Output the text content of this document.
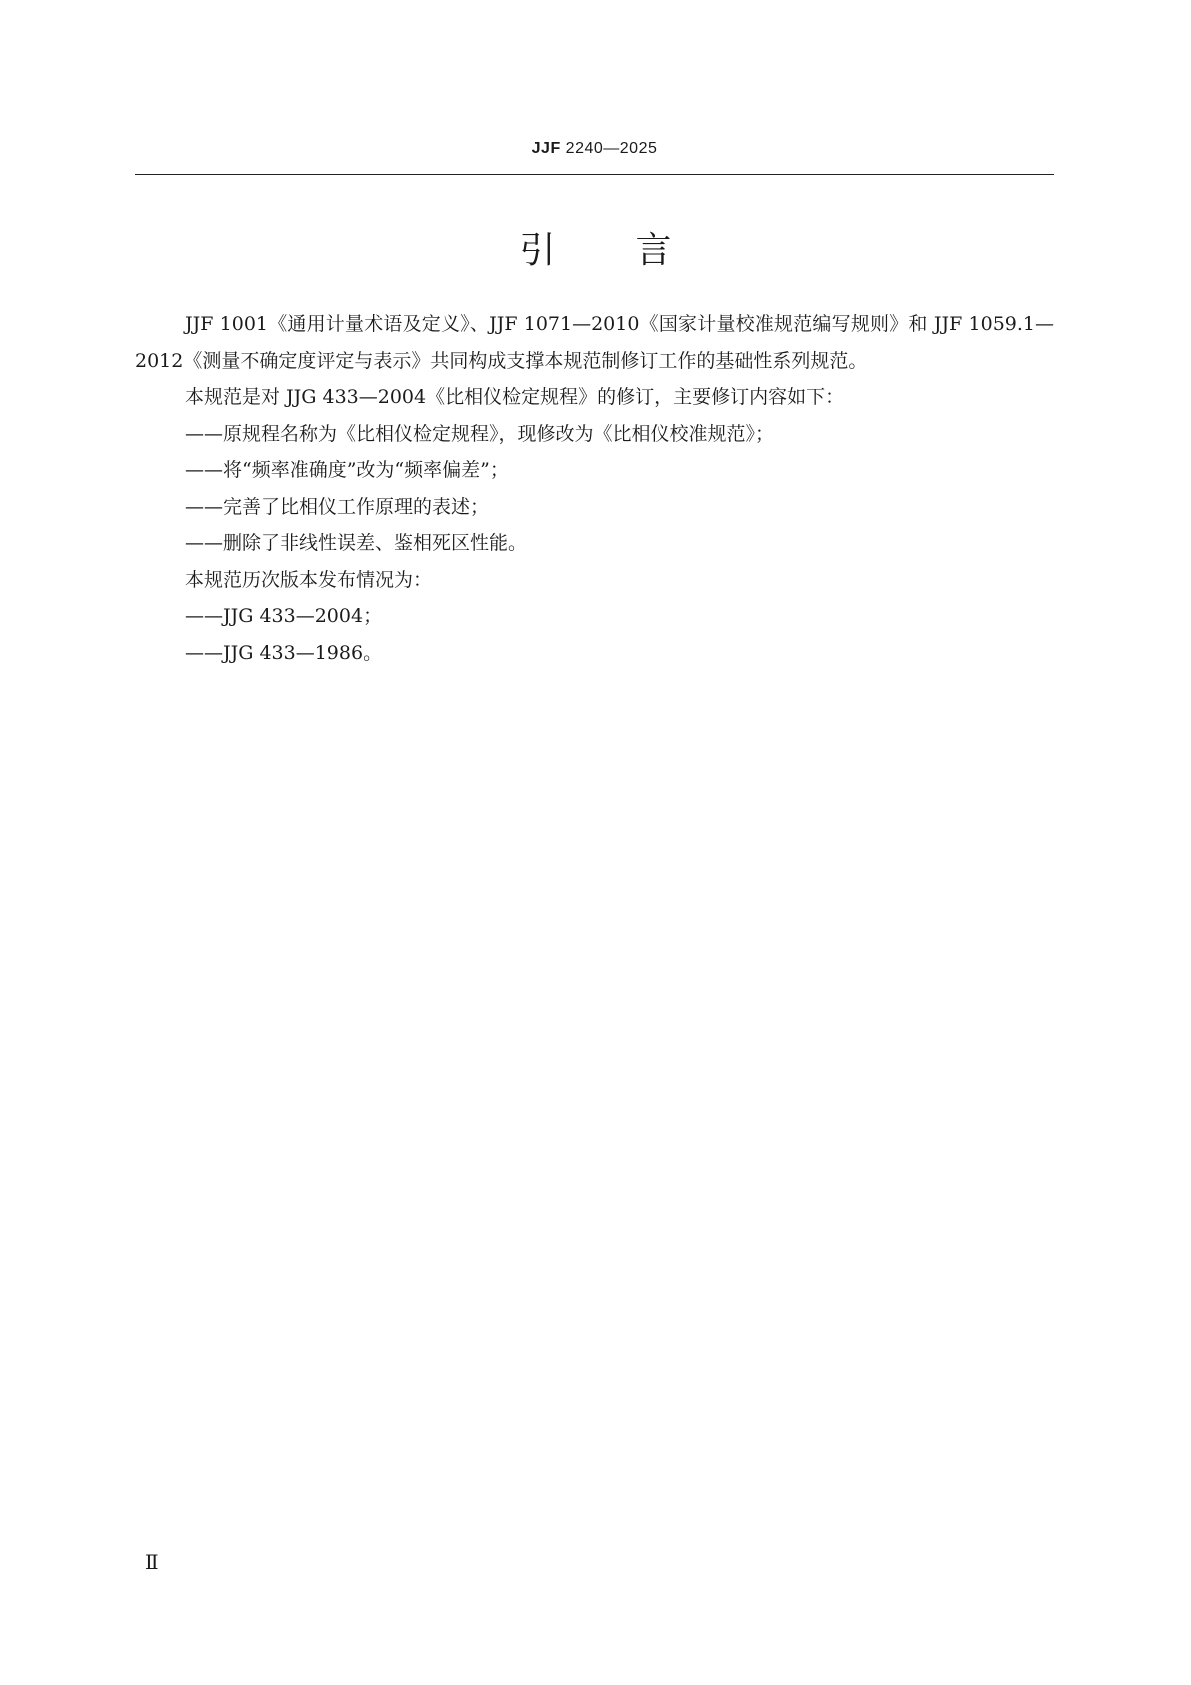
JJF 2240—2025
引言

JJF 1001《通用计量术语及定义》、JJF 1071—2010《国家计量校准规范编写规则》和 JJF 1059.1—2012《测量不确定度评定与表示》共同构成支撑本规范制修订工作的基础性系列规范。

本规范是对 JJG 433—2004《比相仪检定规程》的修订，主要修订内容如下：

——原规程名称为《比相仪检定规程》，现修改为《比相仪校准规范》；

——将“频率准确度”改为“频率偏差”；

——完善了比相仪工作原理的表述；

——删除了非线性误差、鉴相死区性能。

本规范历次版本发布情况为：

——JJG 433—2004；

——JJG 433—1986。

Ⅱ
